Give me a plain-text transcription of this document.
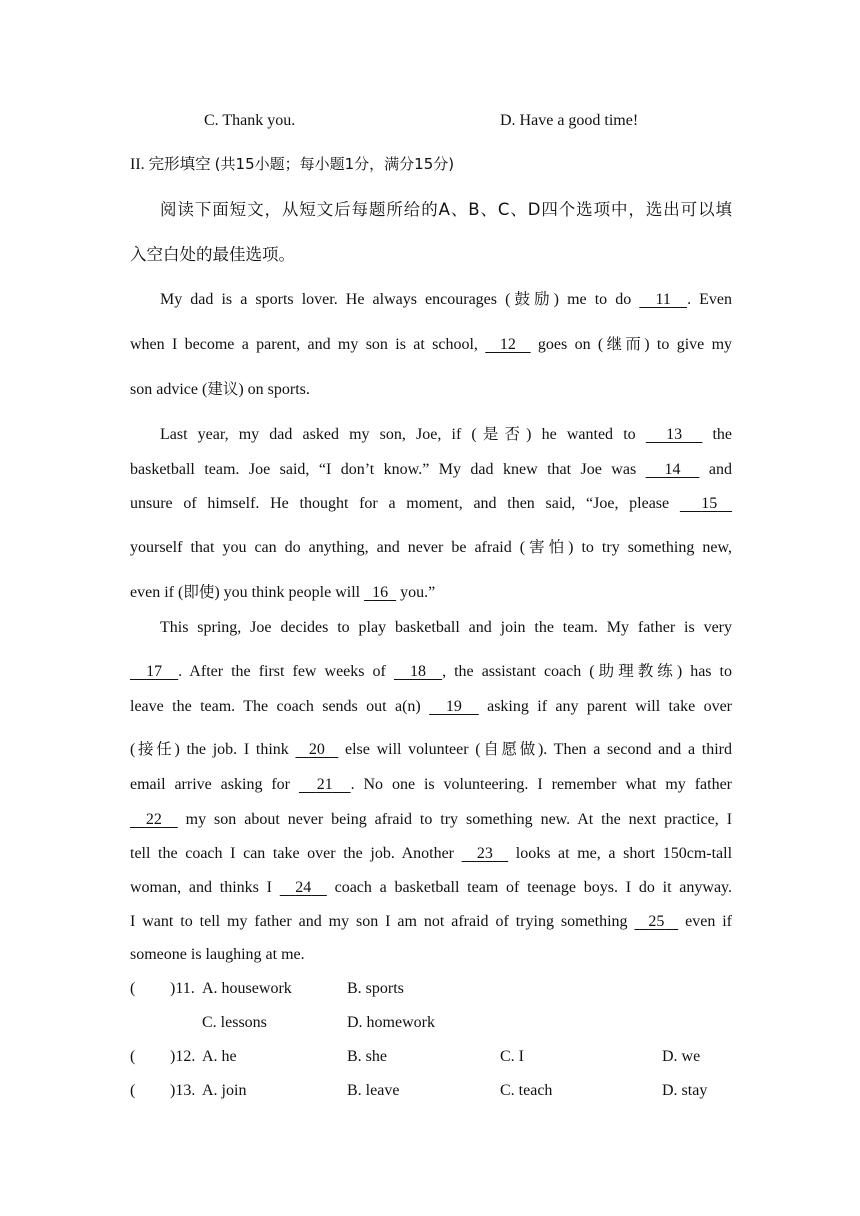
C. Thank you.	D. Have a good time!
II. 完形填空 (共15小题；每小题1分，满分15分)
阅读下面短文，从短文后每题所给的A、B、C、D四个选项中，选出可以填
入空白处的最佳选项。
My dad is a sports lover. He always encourages (鼓励) me to do   11 . Even
when I become a parent, and my son is at school,   12   goes on (继而) to give my
son advice (建议) on sports.
Last year, my dad asked my son, Joe, if (是否) he wanted to   13   the
basketball team. Joe said, “I don’t know.” My dad knew that Joe was   14   and
unsure of himself. He thought for a moment, and then said, “Joe, please   15
yourself that you can do anything, and never be afraid (害怕) to try something new,
even if (即使) you think people will   16   you.”
This spring, Joe decides to play basketball and join the team. My father is very
17 . After the first few weeks of   18 , the assistant coach (助理教练) has to
leave the team. The coach sends out a(n)   19   asking if any parent will take over
(接任) the job. I think   20   else will volunteer (自愿做). Then a second and a third
email arrive asking for   21 . No one is volunteering. I remember what my father
22   my son about never being afraid to try something new. At the next practice, I
tell the coach I can take over the job. Another 23   looks at me, a short 150cm-tall
woman, and thinks I   24   coach a basketball team of teenage boys. I do it anyway.
I want to tell my father and my son I am not afraid of trying something   25   even if
someone is laughing at me.
( )11. A. housework	B. sports
C. lessons	D. homework
( )12. A. he	B. she	C. I	D. we
( )13. A. join	B. leave	C. teach	D. stay
